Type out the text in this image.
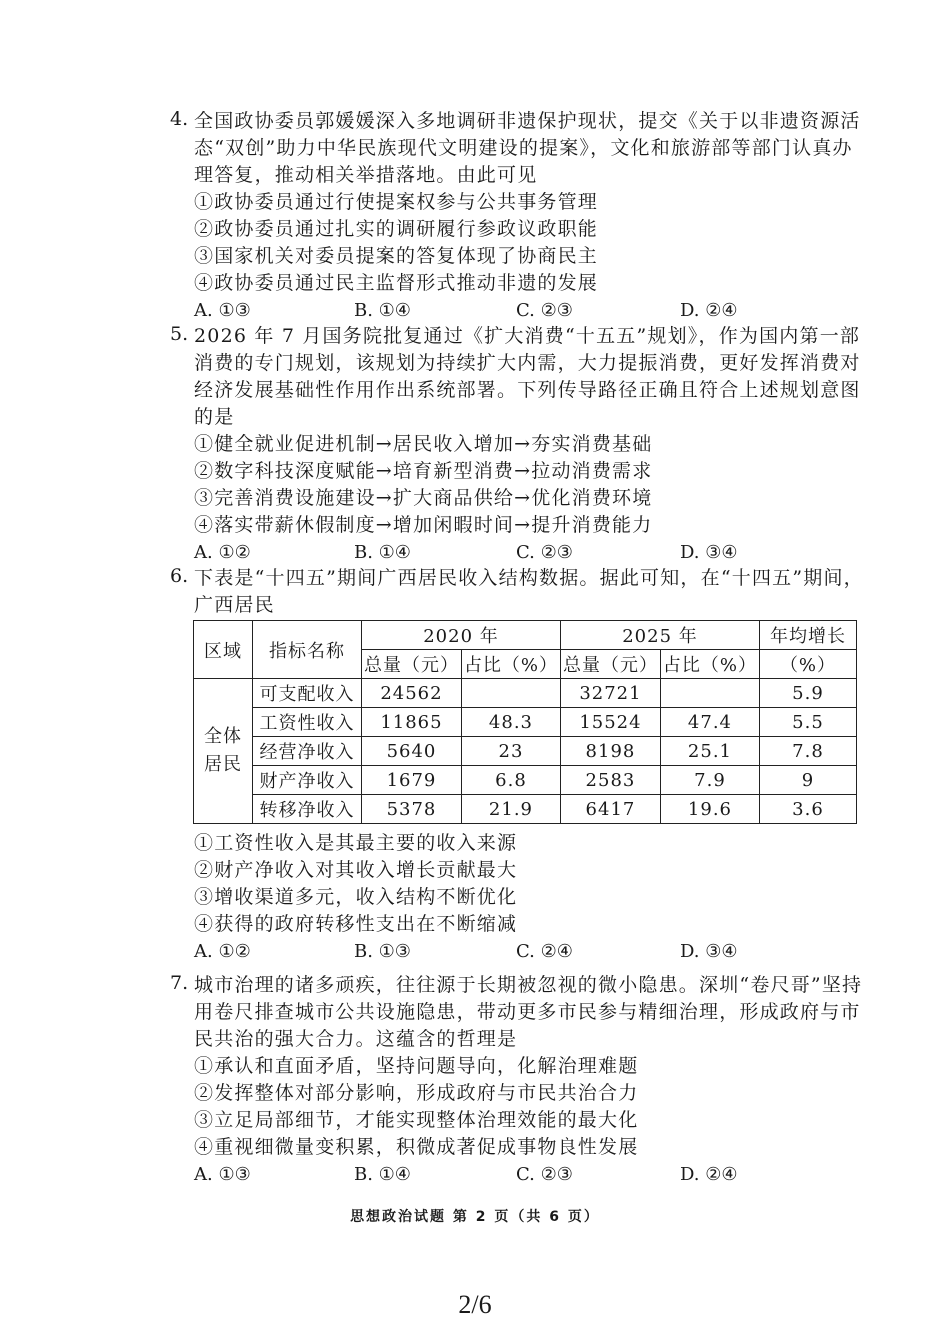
4. 全国政协委员郭媛媛深入多地调研非遗保护现状，提交《关于以非遗资源活态“双创”助力中华民族现代文明建设的提案》，文化和旅游部等部门认真办理答复，推动相关举措落地。由此可见
①政协委员通过行使提案权参与公共事务管理
②政协委员通过扎实的调研履行参政议政职能
③国家机关对委员提案的答复体现了协商民主
④政协委员通过民主监督形式推动非遗的发展
A. ①③	B. ①④	C. ②③	D. ②④
5. 2026 年 7 月国务院批复通过《扩大消费“十五五”规划》，作为国内第一部消费的专门规划，该规划为持续扩大内需，大力提振消费，更好发挥消费对经济发展基础性作用作出系统部署。下列传导路径正确且符合上述规划意图的是
①健全就业促进机制→居民收入增加→夯实消费基础
②数字科技深度赋能→培育新型消费→拉动消费需求
③完善消费设施建设→扩大商品供给→优化消费环境
④落实带薪休假制度→增加闲暇时间→提升消费能力
A. ①②	B. ①④	C. ②③	D. ③④
6. 下表是“十四五”期间广西居民收入结构数据。据此可知，在“十四五”期间，广西居民
区域	指标名称	2020 年		2025 年		年均增长
		总量（元）	占比（%）	总量（元）	占比（%）	（%）
全体居民	可支配收入	24562		32721		5.9
	工资性收入	11865	48.3	15524	47.4	5.5
	经营净收入	5640	23	8198	25.1	7.8
	财产净收入	1679	6.8	2583	7.9	9
	转移净收入	5378	21.9	6417	19.6	3.6
①工资性收入是其最主要的收入来源
②财产净收入对其收入增长贡献最大
③增收渠道多元，收入结构不断优化
④获得的政府转移性支出在不断缩减
A. ①②	B. ①③	C. ②④	D. ③④
7. 城市治理的诸多顽疾，往往源于长期被忽视的微小隐患。深圳“卷尺哥”坚持用卷尺排查城市公共设施隐患，带动更多市民参与精细治理，形成政府与市民共治的强大合力。这蕴含的哲理是
①承认和直面矛盾，坚持问题导向，化解治理难题
②发挥整体对部分影响，形成政府与市民共治合力
③立足局部细节，才能实现整体治理效能的最大化
④重视细微量变积累，积微成著促成事物良性发展
A. ①③	B. ①④	C. ②③	D. ②④
思想政治试题 第 2 页（共 6 页）
2/6
